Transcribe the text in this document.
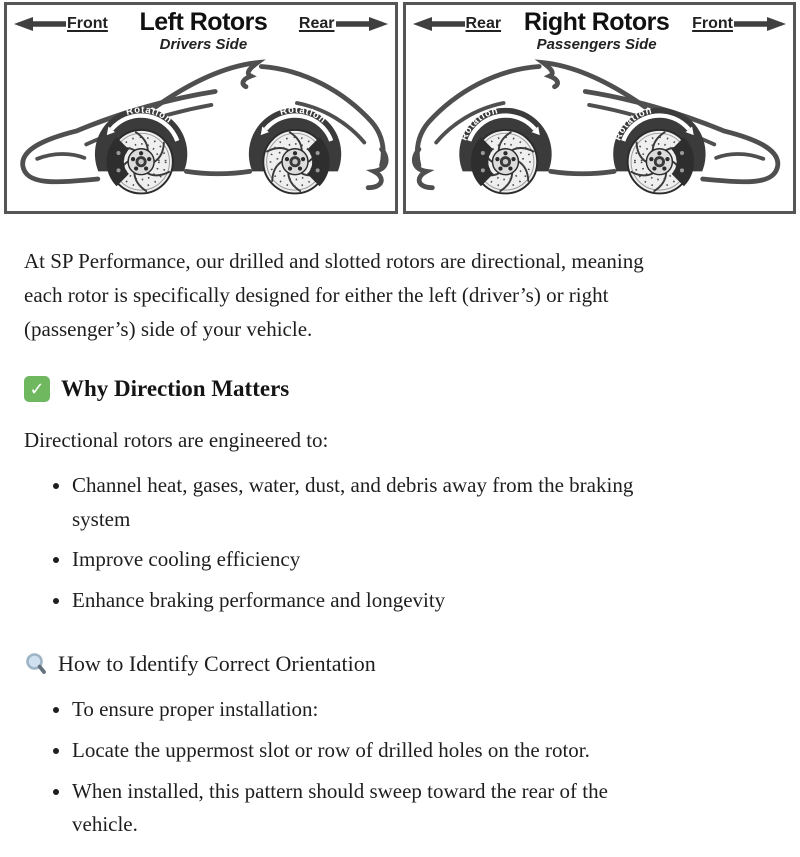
Front	Left Rotors
Drivers Side
Rear
Rotation
Rotation
Rear Right Rotors
Passengers Side
Front
Rotation
Rotation

At SP Performance, our drilled and slotted rotors are directional, meaning each rotor is specifically designed for either the left (driver’s) or right (passenger’s) side of your vehicle.

✓ Why Direction Matters

Directional rotors are engineered to:

• Channel heat, gases, water, dust, and debris away from the braking system
• Improve cooling efficiency
• Enhance braking performance and longevity
How to Identify Correct Orientation
• To ensure proper installation:
• Locate the uppermost slot or row of drilled holes on the rotor.
• When installed, this pattern should sweep toward the rear of the vehicle.
